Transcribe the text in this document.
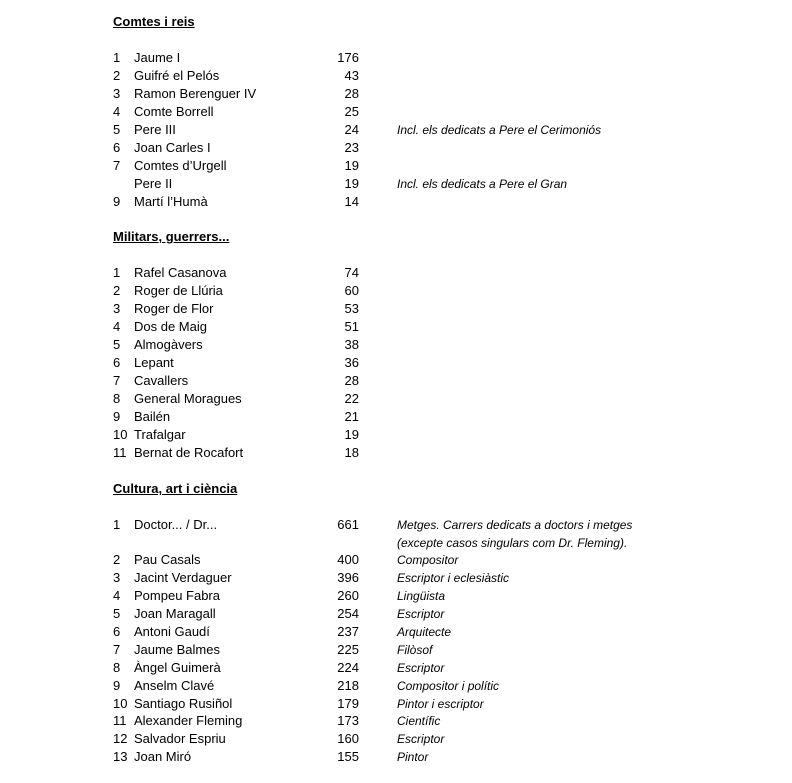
Comtes i reis
1 Jaume I	176
2 Guifré el Pelós	43
3 Ramon Berenguer IV	28
4 Comte Borrell	25
5 Pere III	24	Incl. els dedicats a Pere el Cerimoniós
6 Joan Carles I	23
7 Comtes d’Urgell	19
Pere II	19	Incl. els dedicats a Pere el Gran
9 Martí l’Humà	14
Militars, guerrers...
1 Rafel Casanova	74
2 Roger de Llúria	60
3 Roger de Flor	53
4 Dos de Maig	51
5 Almogàvers	38
6 Lepant	36
7 Cavallers	28
8 General Moragues	22
9 Bailén	21
10 Trafalgar	19
11 Bernat de Rocafort	18
Cultura, art i ciència
1 Doctor... / Dr...	661	Metges. Carrers dedicats a doctors i metges
(excepte casos singulars com Dr. Fleming).
2 Pau Casals	400	Compositor
3 Jacint Verdaguer	396	Escriptor i eclesiàstic
4 Pompeu Fabra	260	Lingüista
5 Joan Maragall	254	Escriptor
6 Antoni Gaudí	237	Arquitecte
7 Jaume Balmes	225	Filòsof
8 Àngel Guimerà	224	Escriptor
9 Anselm Clavé	218	Compositor i polític
10 Santiago Rusiñol	179	Pintor i escriptor
11 Alexander Fleming	173	Científic
12 Salvador Espriu	160	Escriptor
13 Joan Miró	155	Pintor
